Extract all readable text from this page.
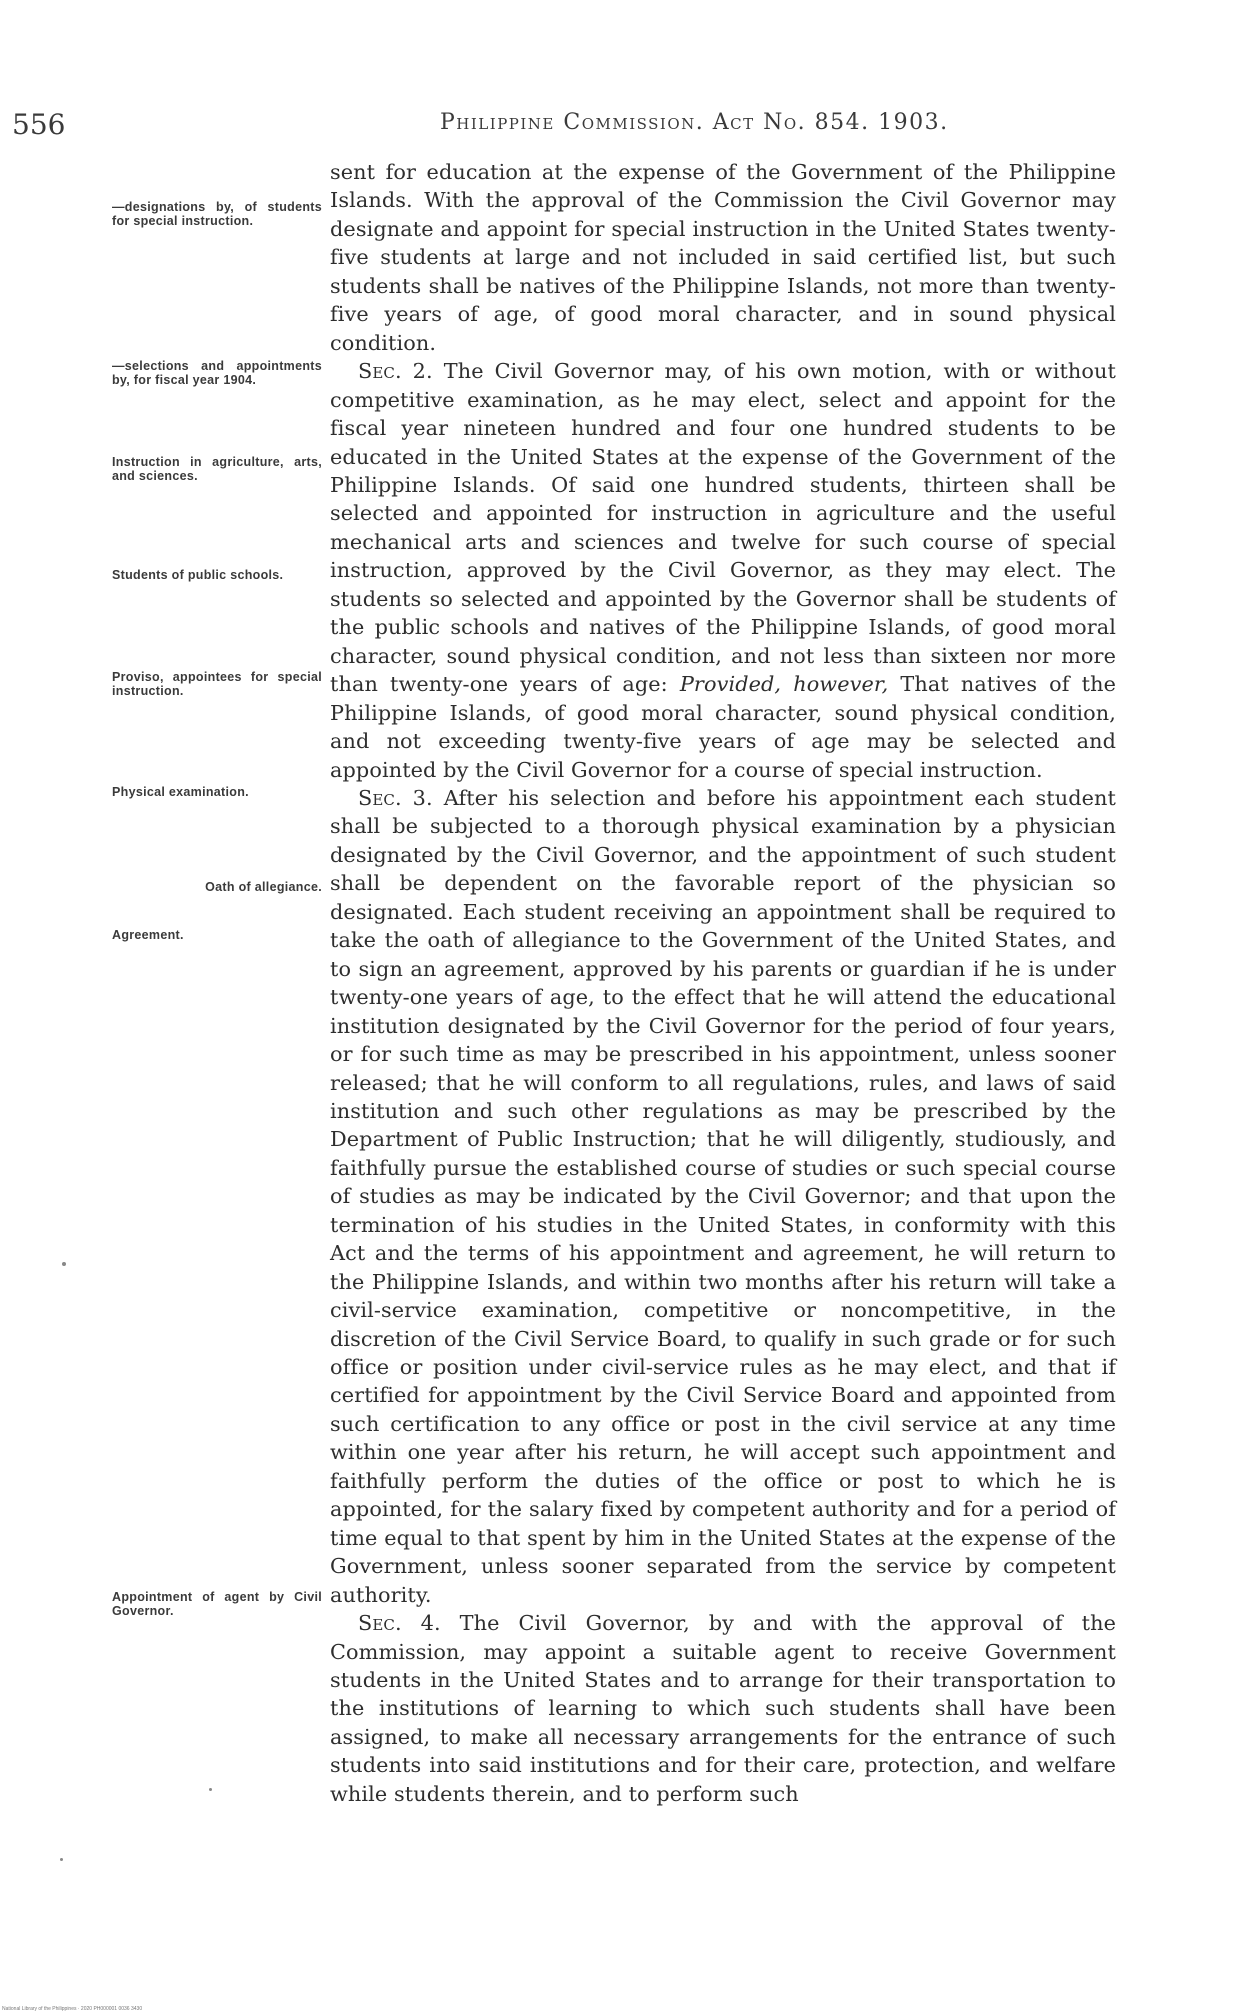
556	Philippine Commission. Act No. 854. 1903.
—designations by, of students for special instruction.
—selections and appointments by, for fiscal year 1904.
Instruction in agriculture, arts, and sciences.
Students of public schools.
Proviso, appointees for special instruction.
Physical examination.
Oath of allegiance.
Agreement.
Appointment of agent by Civil Governor.

sent for education at the expense of the Government of the Philippine Islands. With the approval of the Commission the Civil Governor may designate and appoint for special instruction in the United States twenty-five students at large and not included in said certified list, but such students shall be natives of the Philippine Islands, not more than twenty-five years of age, of good moral character, and in sound physical condition.

Sec. 2. The Civil Governor may, of his own motion, with or without competitive examination, as he may elect, select and appoint for the fiscal year nineteen hundred and four one hundred students to be educated in the United States at the expense of the Government of the Philippine Islands. Of said one hundred students, thirteen shall be selected and appointed for instruction in agriculture and the useful mechanical arts and sciences and twelve for such course of special instruction, approved by the Civil Governor, as they may elect. The students so selected and appointed by the Governor shall be students of the public schools and natives of the Philippine Islands, of good moral character, sound physical condition, and not less than sixteen nor more than twenty-one years of age: Provided, however, That natives of the Philippine Islands, of good moral character, sound physical condition, and not exceeding twenty-five years of age may be selected and appointed by the Civil Governor for a course of special instruction.

Sec. 3. After his selection and before his appointment each student shall be subjected to a thorough physical examination by a physician designated by the Civil Governor, and the appointment of such student shall be dependent on the favorable report of the physician so designated. Each student receiving an appointment shall be required to take the oath of allegiance to the Government of the United States, and to sign an agreement, approved by his parents or guardian if he is under twenty-one years of age, to the effect that he will attend the educational institution designated by the Civil Governor for the period of four years, or for such time as may be prescribed in his appointment, unless sooner released; that he will conform to all regulations, rules, and laws of said institution and such other regulations as may be prescribed by the Department of Public Instruction; that he will diligently, studiously, and faithfully pursue the established course of studies or such special course of studies as may be indicated by the Civil Governor; and that upon the termination of his studies in the United States, in conformity with this Act and the terms of his appointment and agreement, he will return to the Philippine Islands, and within two months after his return will take a civil-service examination, competitive or noncompetitive, in the discretion of the Civil Service Board, to qualify in such grade or for such office or position under civil-service rules as he may elect, and that if certified for appointment by the Civil Service Board and appointed from such certification to any office or post in the civil service at any time within one year after his return, he will accept such appointment and faithfully perform the duties of the office or post to which he is appointed, for the salary fixed by competent authority and for a period of time equal to that spent by him in the United States at the expense of the Government, unless sooner separated from the service by competent authority.

Sec. 4. The Civil Governor, by and with the approval of the Commission, may appoint a suitable agent to receive Government students in the United States and to arrange for their transportation to the institutions of learning to which such students shall have been assigned, to make all necessary arrangements for the entrance of such students into said institutions and for their care, protection, and welfare while students therein, and to perform such

National Library of the Philippines · 2020 PH000001 0036 3430
